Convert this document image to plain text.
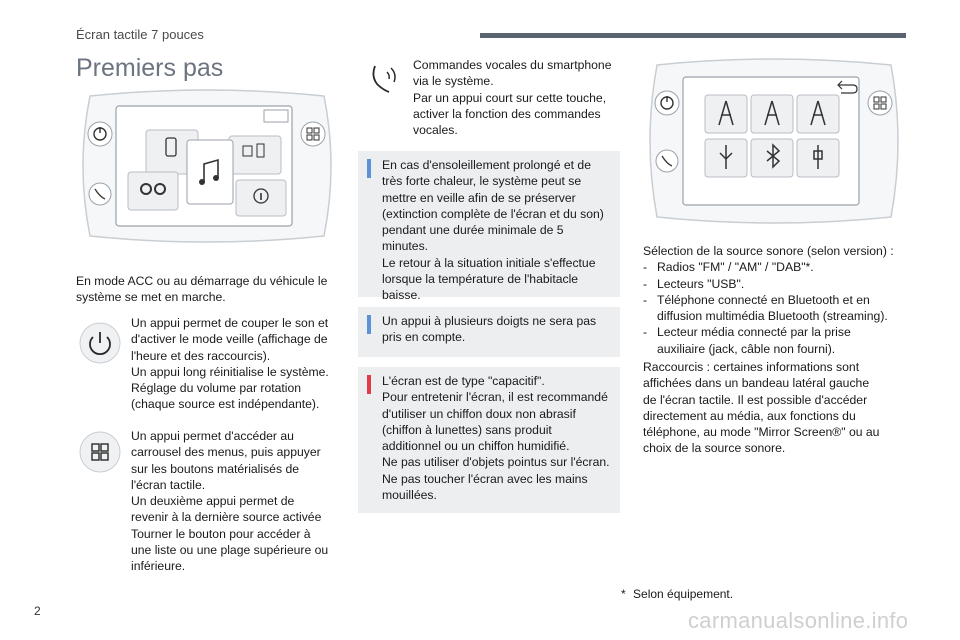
Écran tactile 7 pouces
Premiers pas

En mode ACC ou au démarrage du véhicule le

système se met en marche.

Un appui permet de couper le son et

d'activer le mode veille (affichage de

l'heure et des raccourcis).

Un appui long réinitialise le système.

Réglage du volume par rotation

(chaque source est indépendante).

Un appui permet d'accéder au

carrousel des menus, puis appuyer

sur les boutons matérialisés de

l'écran tactile.

Un deuxième appui permet de

revenir à la dernière source activée

Tourner le bouton pour accéder à

une liste ou une plage supérieure ou

inférieure.

Commandes vocales du smartphone

via le système.

Par un appui court sur cette touche,

activer la fonction des commandes

vocales.

En cas d'ensoleillement prolongé et de

très forte chaleur, le système peut se

mettre en veille afin de se préserver

(extinction complète de l'écran et du son)

pendant une durée minimale de 5 minutes.

Le retour à la situation initiale s'effectue

lorsque la température de l'habitacle

baisse.

Un appui à plusieurs doigts ne sera pas

pris en compte.

L'écran est de type "capacitif".

Pour entretenir l'écran, il est recommandé

d'utiliser un chiffon doux non abrasif

(chiffon à lunettes) sans produit

additionnel ou un chiffon humidifié.

Ne pas utiliser d'objets pointus sur l'écran.

Ne pas toucher l'écran avec les mains

mouillées.

Sélection de la source sonore (selon version) :

- Radios "FM" / "AM" / "DAB"*.
- Lecteurs "USB".
- Téléphone connecté en Bluetooth et en
diffusion multimédia Bluetooth (streaming).
- Lecteur média connecté par la prise
auxiliaire (jack, câble non fourni).

Raccourcis : certaines informations sont

affichées dans un bandeau latéral gauche

de l'écran tactile. Il est possible d'accéder

directement au média, aux fonctions du

téléphone, au mode "Mirror Screen®" ou au

choix de la source sonore.

* Selon équipement.
2	carmanualsonline.info
